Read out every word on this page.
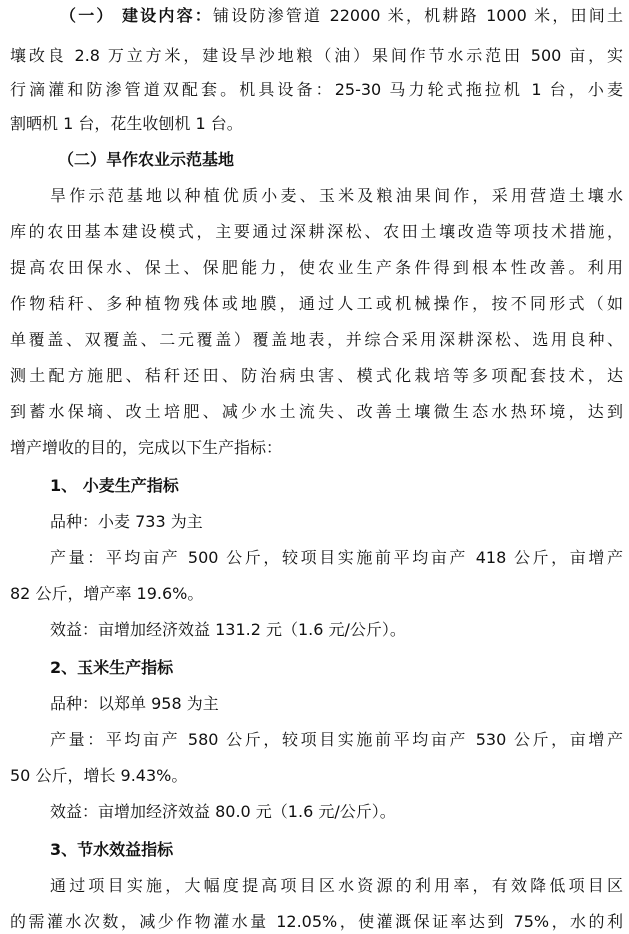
（一） 建设内容：铺设防渗管道 22000 米，机耕路 1000 米，田间土
壤改良 2.8 万立方米，建设旱沙地粮（油）果间作节水示范田 500 亩，实
行滴灌和防渗管道双配套。机具设备：25-30 马力轮式拖拉机 1 台，小麦
割晒机 1 台，花生收刨机 1 台。
（二）旱作农业示范基地
旱作示范基地以种植优质小麦、玉米及粮油果间作，采用营造土壤水
库的农田基本建设模式，主要通过深耕深松、农田土壤改造等项技术措施，
提高农田保水、保土、保肥能力，使农业生产条件得到根本性改善。利用
作物秸秆、多种植物残体或地膜，通过人工或机械操作，按不同形式（如
单覆盖、双覆盖、二元覆盖）覆盖地表，并综合采用深耕深松、选用良种、
测土配方施肥、秸秆还田、防治病虫害、模式化栽培等多项配套技术，达
到蓄水保墒、改土培肥、减少水土流失、改善土壤微生态水热环境，达到
增产增收的目的，完成以下生产指标：
1、 小麦生产指标
品种：小麦 733 为主
产量：平均亩产 500 公斤，较项目实施前平均亩产 418 公斤，亩增产
82 公斤，增产率 19.6%。
效益：亩增加经济效益 131.2 元（1.6 元/公斤）。
2、玉米生产指标
品种：以郑单 958 为主
产量：平均亩产 580 公斤，较项目实施前平均亩产 530 公斤，亩增产
50 公斤，增长 9.43%。
效益：亩增加经济效益 80.0 元（1.6 元/公斤）。
3、节水效益指标
通过项目实施，大幅度提高项目区水资源的利用率，有效降低项目区
的需灌水次数，减少作物灌水量 12.05%，使灌溉保证率达到 75%，水的利
